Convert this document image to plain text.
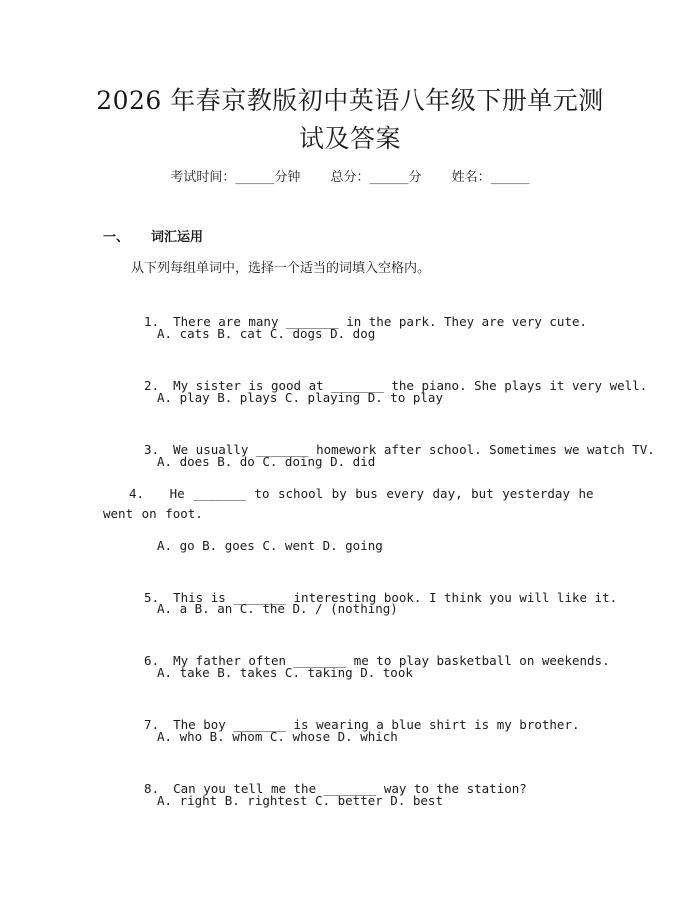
2026 年春京教版初中英语八年级下册单元测
试及答案
考试时间：______分钟 总分：______分 姓名：______
一、 词汇运用
从下列每组单词中，选择一个适当的词填入空格内。

1. There are many _______ in the park. They are very cute.

A. cats B. cat C. dogs D. dog

2. My sister is good at _______ the piano. She plays it very well.

A. play B. plays C. playing D. to play

3. We usually _______ homework after school. Sometimes we watch TV.

A. does B. do C. doing D. did
4. He _______ to school by bus every day, but yesterday he went on foot.
A. go B. goes C. went D. going

5. This is _______ interesting book. I think you will like it.

A. a B. an C. the D. / (nothing)

6. My father often _______ me to play basketball on weekends.

A. take B. takes C. taking D. took

7. The boy _______ is wearing a blue shirt is my brother.

A. who B. whom C. whose D. which

8. Can you tell me the _______ way to the station?

A. right B. rightest C. better D. best
